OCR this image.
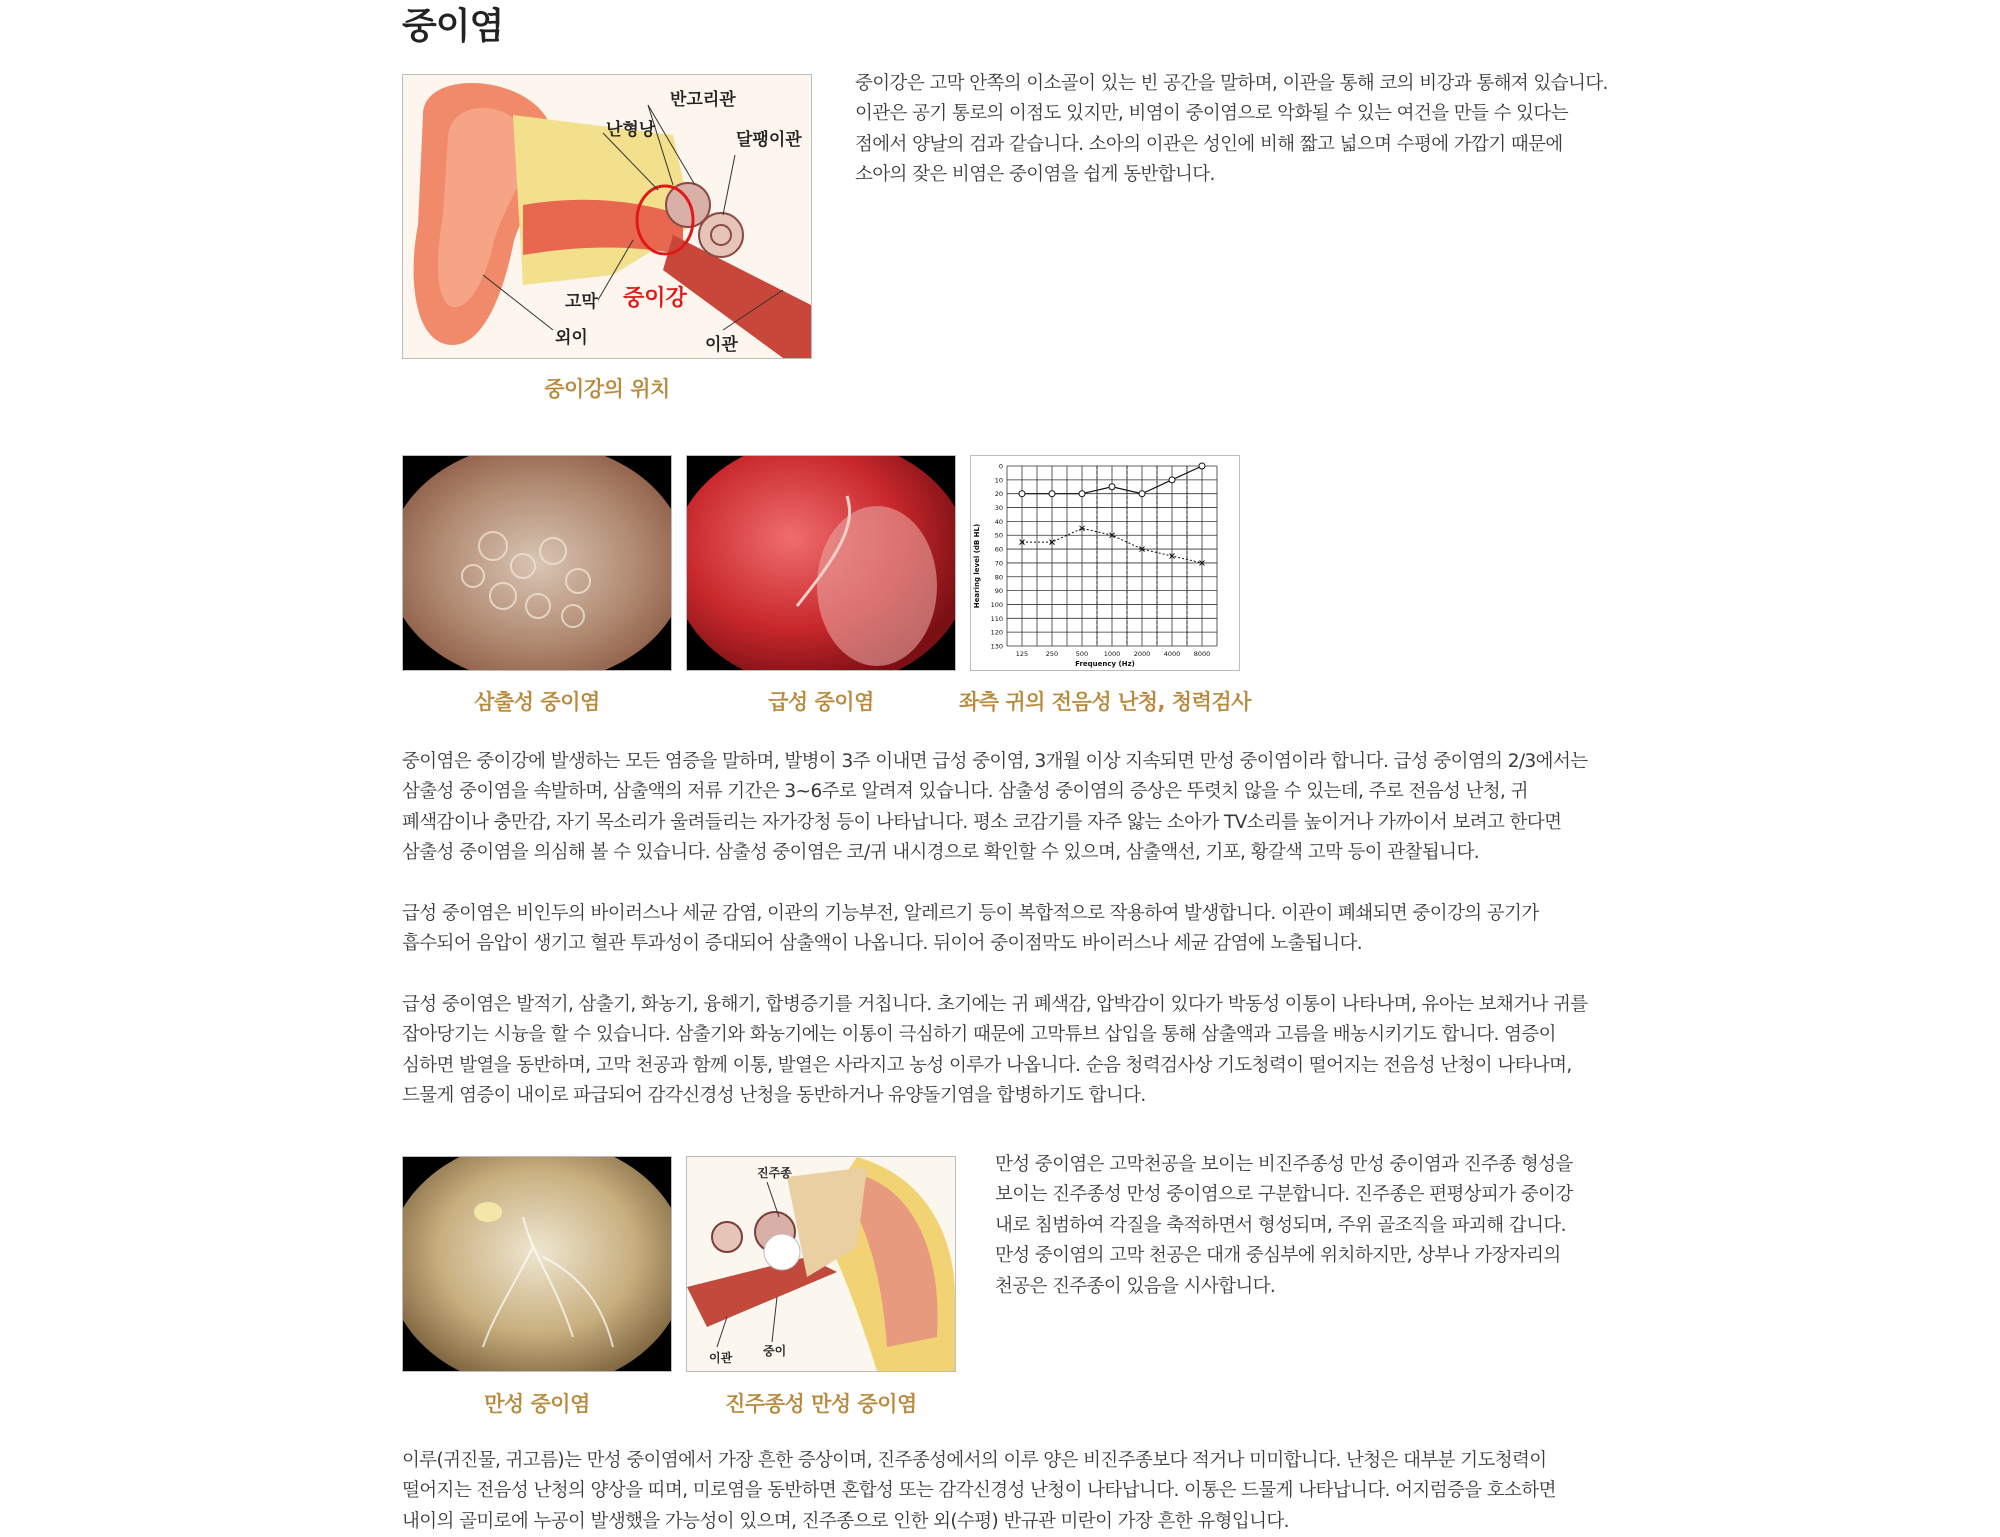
중이염
반고리관
난형낭	달팽이관
고막 중이강
외이	이관
중이강의 위치
중이강은 고막 안쪽의 이소골이 있는 빈 공간을 말하며, 이관을 통해 코의 비강과 통해져 있습니다.
이관은 공기 통로의 이점도 있지만, 비염이 중이염으로 악화될 수 있는 여건을 만들 수 있다는
점에서 양날의 검과 같습니다. 소아의 이관은 성인에 비해 짧고 넓으며 수평에 가깝기 때문에
소아의 잦은 비염은 중이염을 쉽게 동반합니다.
0
10
20
30
40
50
60
70
80
90
100
110
120
130
125	250	500 1000 2000 4000 8000
Hearing level (dB HL)
Frequency (Hz)
삼출성 중이염	급성 중이염	좌측 귀의 전음성 난청, 청력검사
중이염은 중이강에 발생하는 모든 염증을 말하며, 발병이 3주 이내면 급성 중이염, 3개월 이상 지속되면 만성 중이염이라 합니다. 급성 중이염의 2/3에서는
삼출성 중이염을 속발하며, 삼출액의 저류 기간은 3~6주로 알려져 있습니다. 삼출성 중이염의 증상은 뚜렷치 않을 수 있는데, 주로 전음성 난청, 귀
폐색감이나 충만감, 자기 목소리가 울려들리는 자가강청 등이 나타납니다. 평소 코감기를 자주 앓는 소아가 TV소리를 높이거나 가까이서 보려고 한다면
삼출성 중이염을 의심해 볼 수 있습니다. 삼출성 중이염은 코/귀 내시경으로 확인할 수 있으며, 삼출액선, 기포, 황갈색 고막 등이 관찰됩니다.
급성 중이염은 비인두의 바이러스나 세균 감염, 이관의 기능부전, 알레르기 등이 복합적으로 작용하여 발생합니다. 이관이 폐쇄되면 중이강의 공기가
흡수되어 음압이 생기고 혈관 투과성이 증대되어 삼출액이 나옵니다. 뒤이어 중이점막도 바이러스나 세균 감염에 노출됩니다.
급성 중이염은 발적기, 삼출기, 화농기, 융해기, 합병증기를 거칩니다. 초기에는 귀 폐색감, 압박감이 있다가 박동성 이통이 나타나며, 유아는 보채거나 귀를
잡아당기는 시늉을 할 수 있습니다. 삼출기와 화농기에는 이통이 극심하기 때문에 고막튜브 삽입을 통해 삼출액과 고름을 배농시키기도 합니다. 염증이
심하면 발열을 동반하며, 고막 천공과 함께 이통, 발열은 사라지고 농성 이루가 나옵니다. 순음 청력검사상 기도청력이 떨어지는 전음성 난청이 나타나며,
드물게 염증이 내이로 파급되어 감각신경성 난청을 동반하거나 유양돌기염을 합병하기도 합니다.
진주종
이관	중이
만성 중이염	진주종성 만성 중이염
만성 중이염은 고막천공을 보이는 비진주종성 만성 중이염과 진주종 형성을
보이는 진주종성 만성 중이염으로 구분합니다. 진주종은 편평상피가 중이강
내로 침범하여 각질을 축적하면서 형성되며, 주위 골조직을 파괴해 갑니다.
만성 중이염의 고막 천공은 대개 중심부에 위치하지만, 상부나 가장자리의
천공은 진주종이 있음을 시사합니다.
이루(귀진물, 귀고름)는 만성 중이염에서 가장 흔한 증상이며, 진주종성에서의 이루 양은 비진주종보다 적거나 미미합니다. 난청은 대부분 기도청력이
떨어지는 전음성 난청의 양상을 띠며, 미로염을 동반하면 혼합성 또는 감각신경성 난청이 나타납니다. 이통은 드물게 나타납니다. 어지럼증을 호소하면
내이의 골미로에 누공이 발생했을 가능성이 있으며, 진주종으로 인한 외(수평) 반규관 미란이 가장 흔한 유형입니다.
